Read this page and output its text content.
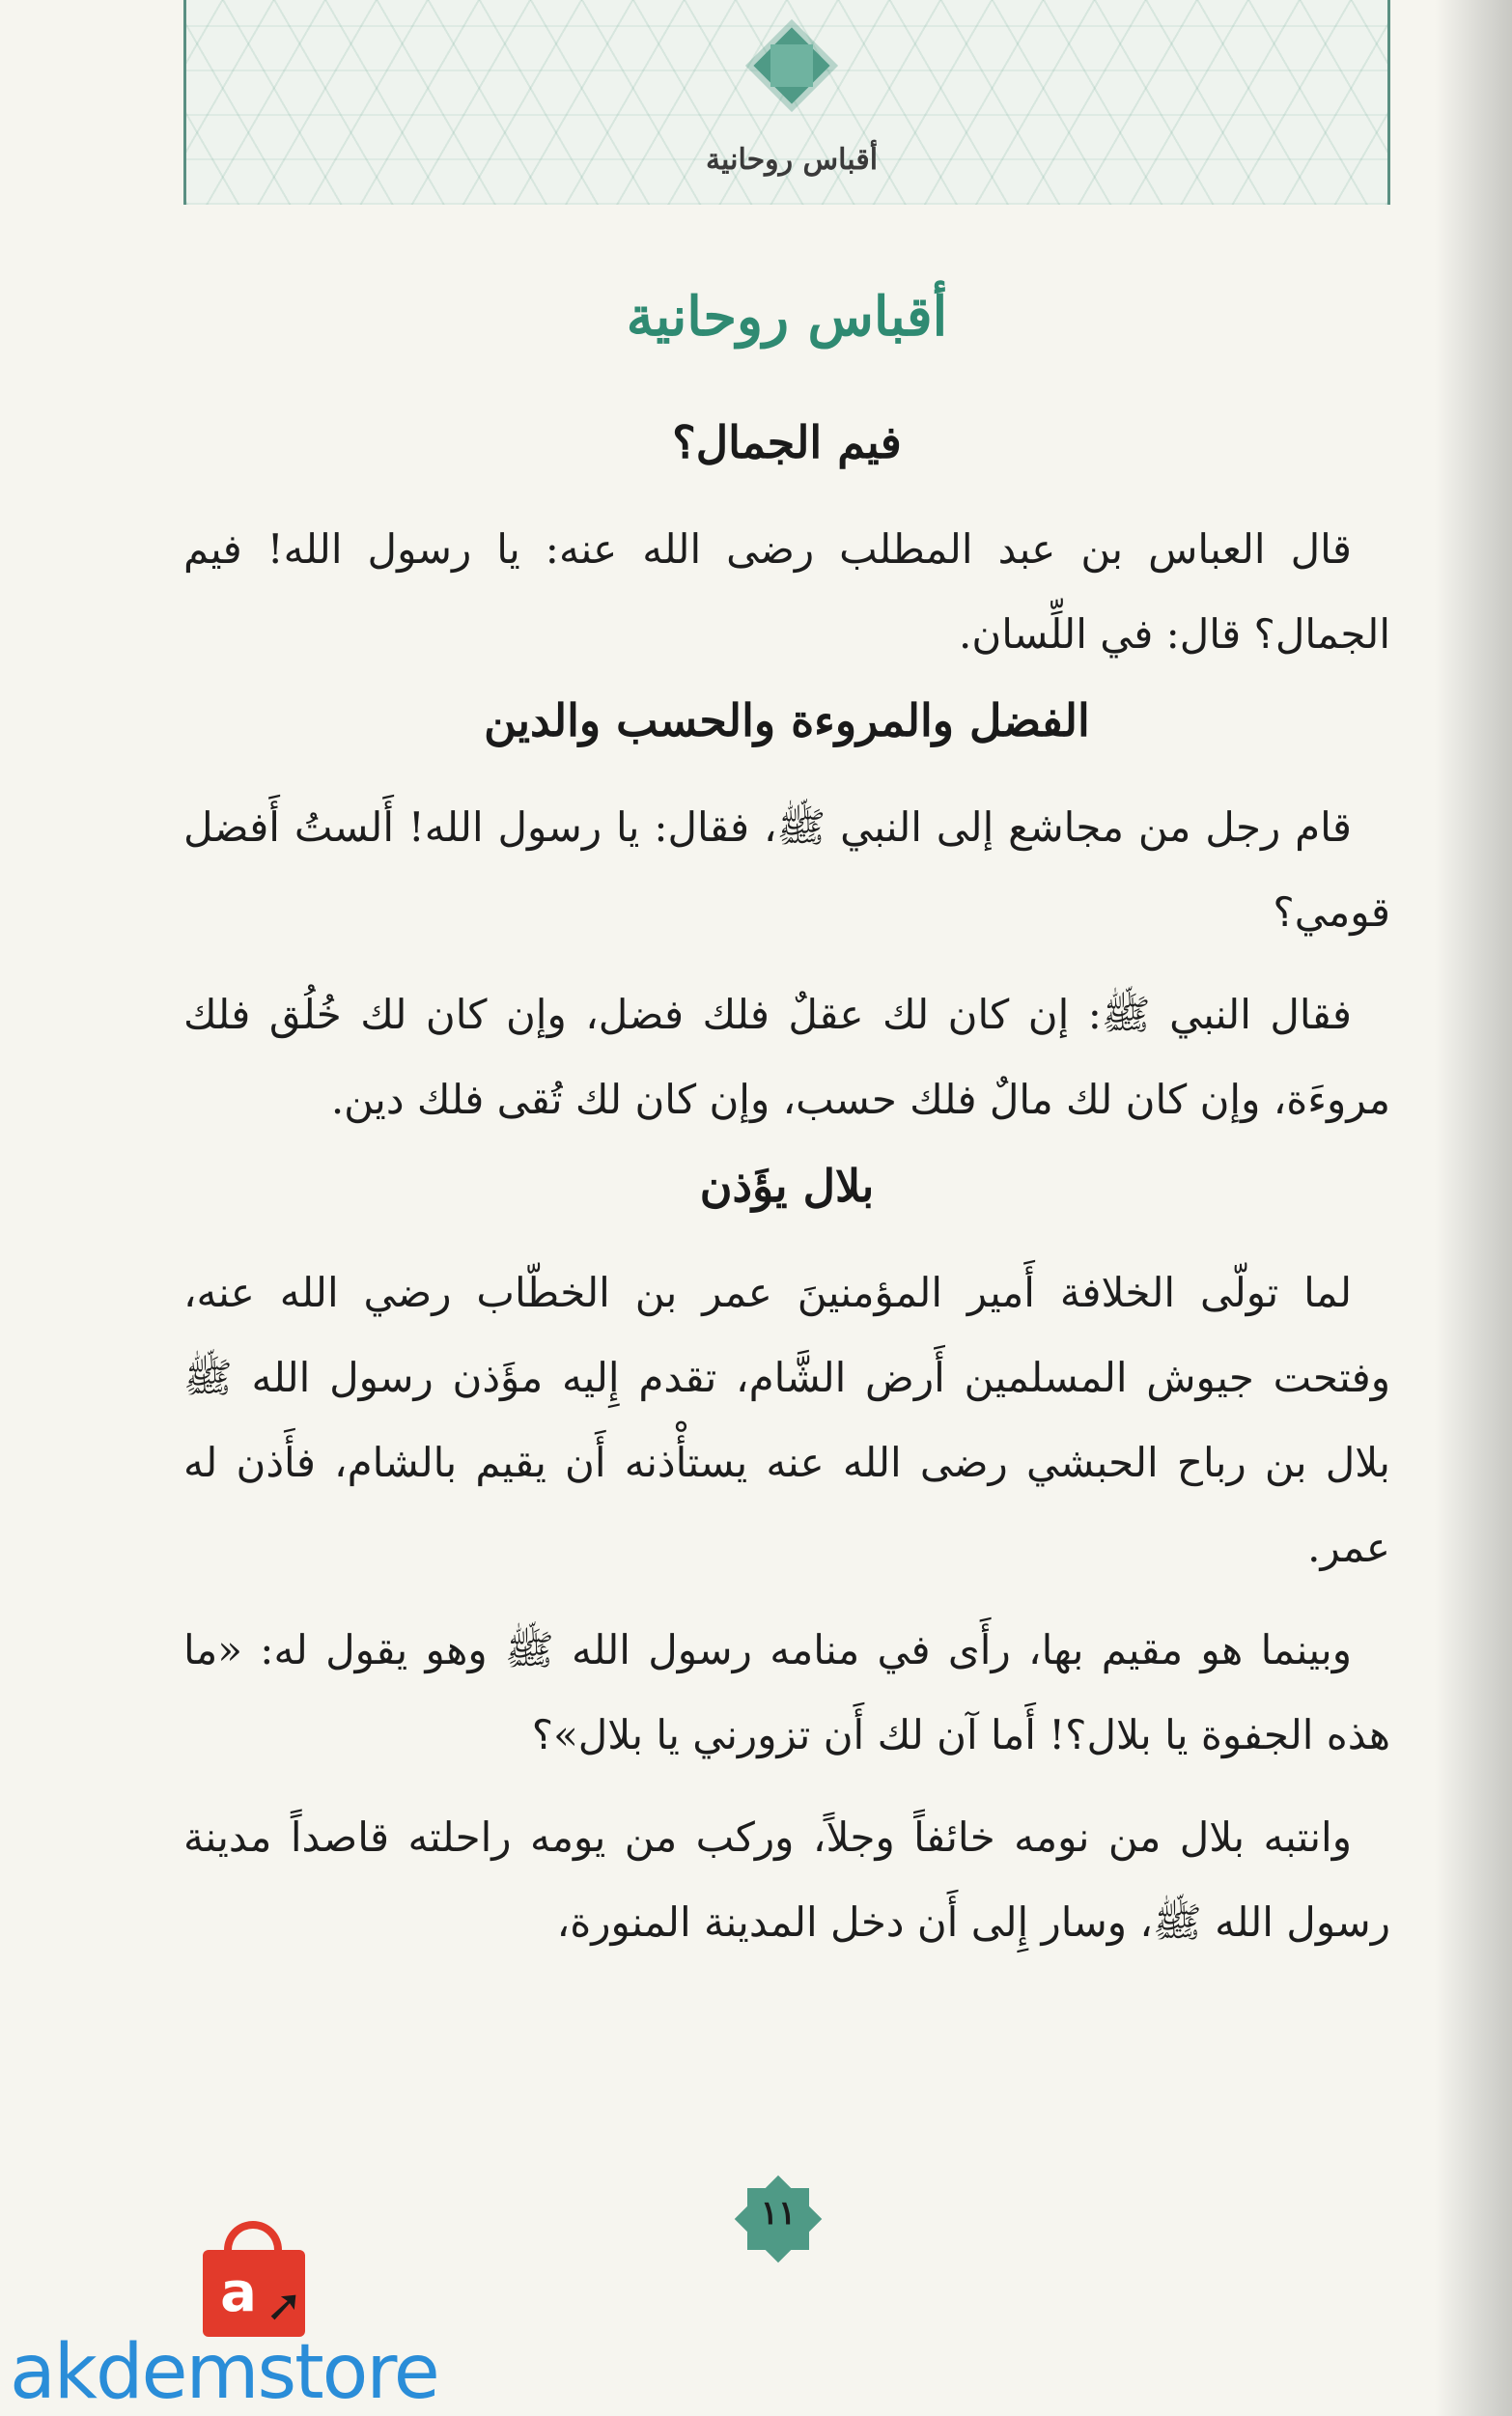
أقباس روحانية
أقباس روحانية
فيم الجمال؟

قال العباس بن عبد المطلب رضى الله عنه: يا رسول الله! فيم الجمال؟ قال: في اللِّسان.

الفضل والمروءة والحسب والدين

قام رجل من مجاشع إلى النبي ﷺ، فقال: يا رسول الله! أَلستُ أَفضل قومي؟

فقال النبي ﷺ: إن كان لك عقلٌ فلك فضل، وإن كان لك خُلُق فلك مروءَة، وإن كان لك مالٌ فلك حسب، وإن كان لك تُقى فلك دين.

بلال يؤَذن

لما تولّى الخلافة أَمير المؤمنينَ عمر بن الخطّاب رضي الله عنه، وفتحت جيوش المسلمين أَرض الشَّام، تقدم إِليه مؤَذن رسول الله ﷺ بلال بن رباح الحبشي رضى الله عنه يستأْذنه أَن يقيم بالشام، فأَذن له عمر.

وبينما هو مقيم بها، رأَى في منامه رسول الله ﷺ وهو يقول له: «ما هذه الجفوة يا بلال؟! أَما آن لك أَن تزورني يا بلال»؟

وانتبه بلال من نومه خائفاً وجلاً، وركب من يومه راحلته قاصداً مدينة رسول الله ﷺ، وسار إِلى أَن دخل المدينة المنورة،

١١
a ➚
akdemstore
